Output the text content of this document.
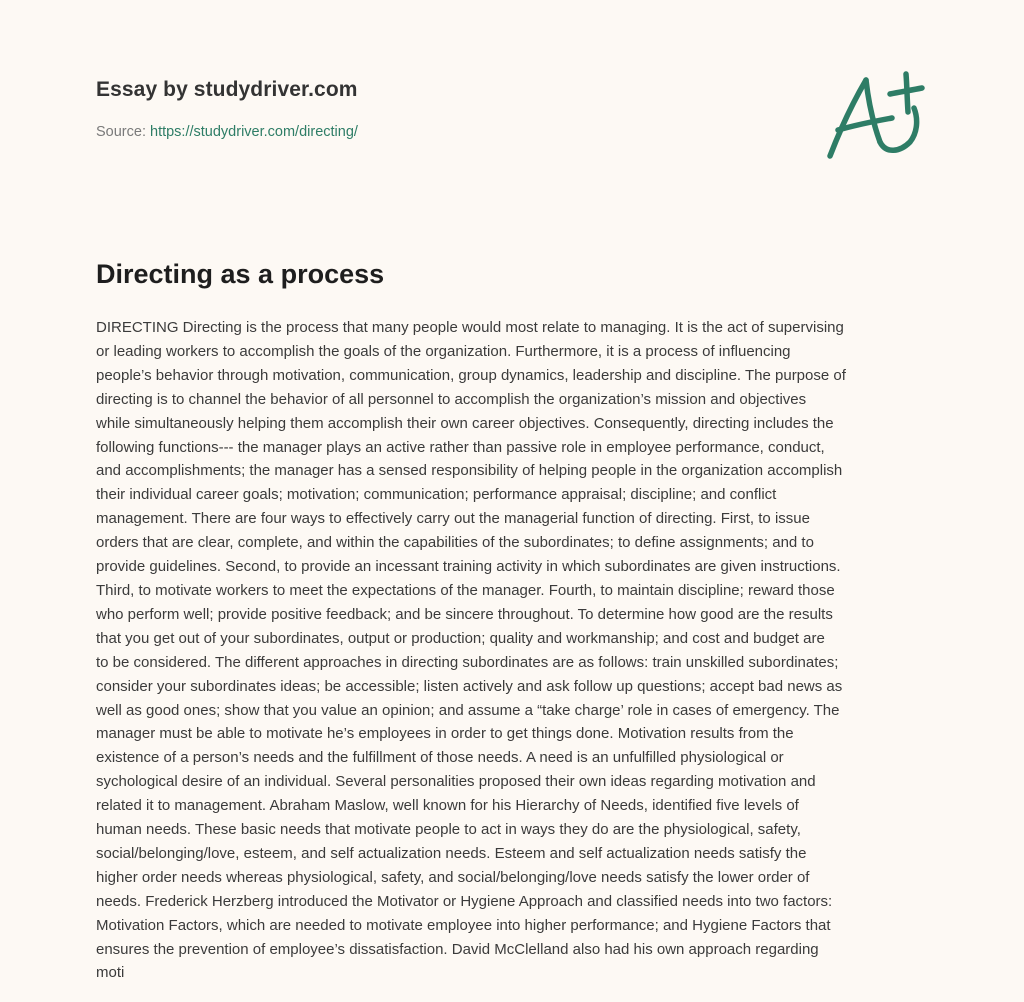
Essay by studydriver.com
Source: https://studydriver.com/directing/
Directing as a process
DIRECTING Directing is the process that many people would most relate to managing. It is the act of supervising
or leading workers to accomplish the goals of the organization. Furthermore, it is a process of influencing
people’s behavior through motivation, communication, group dynamics, leadership and discipline. The purpose of
directing is to channel the behavior of all personnel to accomplish the organization’s mission and objectives
while simultaneously helping them accomplish their own career objectives. Consequently, directing includes the
following functions--- the manager plays an active rather than passive role in employee performance, conduct,
and accomplishments; the manager has a sensed responsibility of helping people in the organization accomplish
their individual career goals; motivation; communication; performance appraisal; discipline; and conflict
management. There are four ways to effectively carry out the managerial function of directing. First, to issue
orders that are clear, complete, and within the capabilities of the subordinates; to define assignments; and to
provide guidelines. Second, to provide an incessant training activity in which subordinates are given instructions.
Third, to motivate workers to meet the expectations of the manager. Fourth, to maintain discipline; reward those
who perform well; provide positive feedback; and be sincere throughout. To determine how good are the results
that you get out of your subordinates, output or production; quality and workmanship; and cost and budget are
to be considered. The different approaches in directing subordinates are as follows: train unskilled subordinates;
consider your subordinates ideas; be accessible; listen actively and ask follow up questions; accept bad news as
well as good ones; show that you value an opinion; and assume a “take charge’ role in cases of emergency. The
manager must be able to motivate he’s employees in order to get things done. Motivation results from the
existence of a person’s needs and the fulfillment of those needs. A need is an unfulfilled physiological or
sychological desire of an individual. Several personalities proposed their own ideas regarding motivation and
related it to management. Abraham Maslow, well known for his Hierarchy of Needs, identified five levels of
human needs. These basic needs that motivate people to act in ways they do are the physiological, safety,
social/belonging/love, esteem, and self actualization needs. Esteem and self actualization needs satisfy the
higher order needs whereas physiological, safety, and social/belonging/love needs satisfy the lower order of
needs. Frederick Herzberg introduced the Motivator or Hygiene Approach and classified needs into two factors:
Motivation Factors, which are needed to motivate employee into higher performance; and Hygiene Factors that
ensures the prevention of employee’s dissatisfaction. David McClelland also had his own approach regarding
moti
